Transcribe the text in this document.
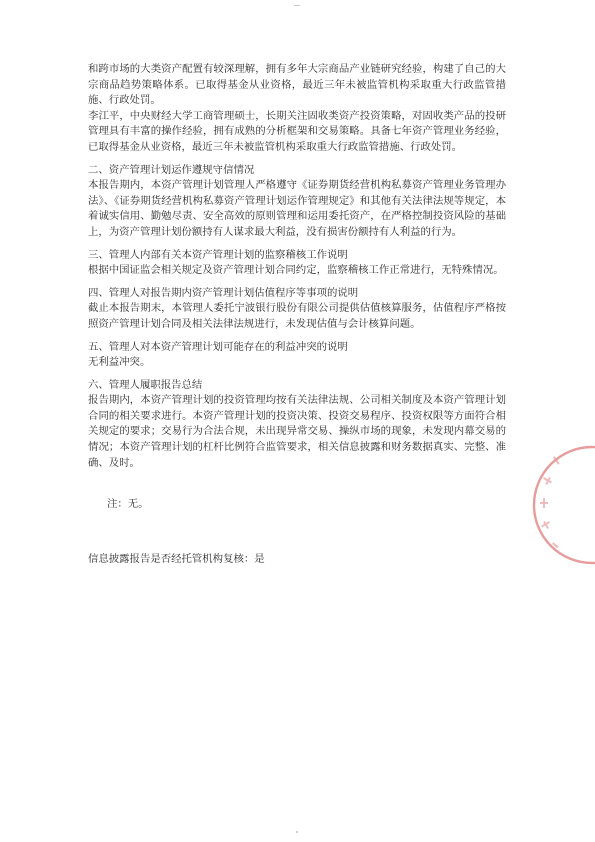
和跨市场的大类资产配置有较深理解，拥有多年大宗商品产业链研究经验，构建了自己的大宗商品趋势策略体系。已取得基金从业资格，最近三年未被监管机构采取重大行政监管措施、行政处罚。

李江平，中央财经大学工商管理硕士，长期关注固收类资产投资策略，对固收类产品的投研管理具有丰富的操作经验，拥有成熟的分析框架和交易策略。具备七年资产管理业务经验，已取得基金从业资格，最近三年未被监管机构采取重大行政监管措施、行政处罚。

二、资产管理计划运作遵规守信情况

本报告期内，本资产管理计划管理人严格遵守《证券期货经营机构私募资产管理业务管理办法》、《证券期货经营机构私募资产管理计划运作管理规定》和其他有关法律法规等规定，本着诚实信用、勤勉尽责、安全高效的原则管理和运用委托资产，在严格控制投资风险的基础上，为资产管理计划份额持有人谋求最大利益，没有损害份额持有人利益的行为。

三、管理人内部有关本资产管理计划的监察稽核工作说明

根据中国证监会相关规定及资产管理计划合同约定，监察稽核工作正常进行，无特殊情况。

四、管理人对报告期内资产管理计划估值程序等事项的说明

截止本报告期末，本管理人委托宁波银行股份有限公司提供估值核算服务，估值程序严格按照资产管理计划合同及相关法律法规进行，未发现估值与会计核算问题。

五、管理人对本资产管理计划可能存在的利益冲突的说明

无利益冲突。

六、管理人履职报告总结

报告期内，本资产管理计划的投资管理均按有关法律法规、公司相关制度及本资产管理计划合同的相关要求进行。本资产管理计划的投资决策、投资交易程序、投资权限等方面符合相关规定的要求；交易行为合法合规，未出现异常交易、操纵市场的现象，未发现内幕交易的情况；本资产管理计划的杠杆比例符合监管要求，相关信息披露和财务数据真实、完整、准确、及时。

注：无。
信息披露报告是否经托管机构复核：是
